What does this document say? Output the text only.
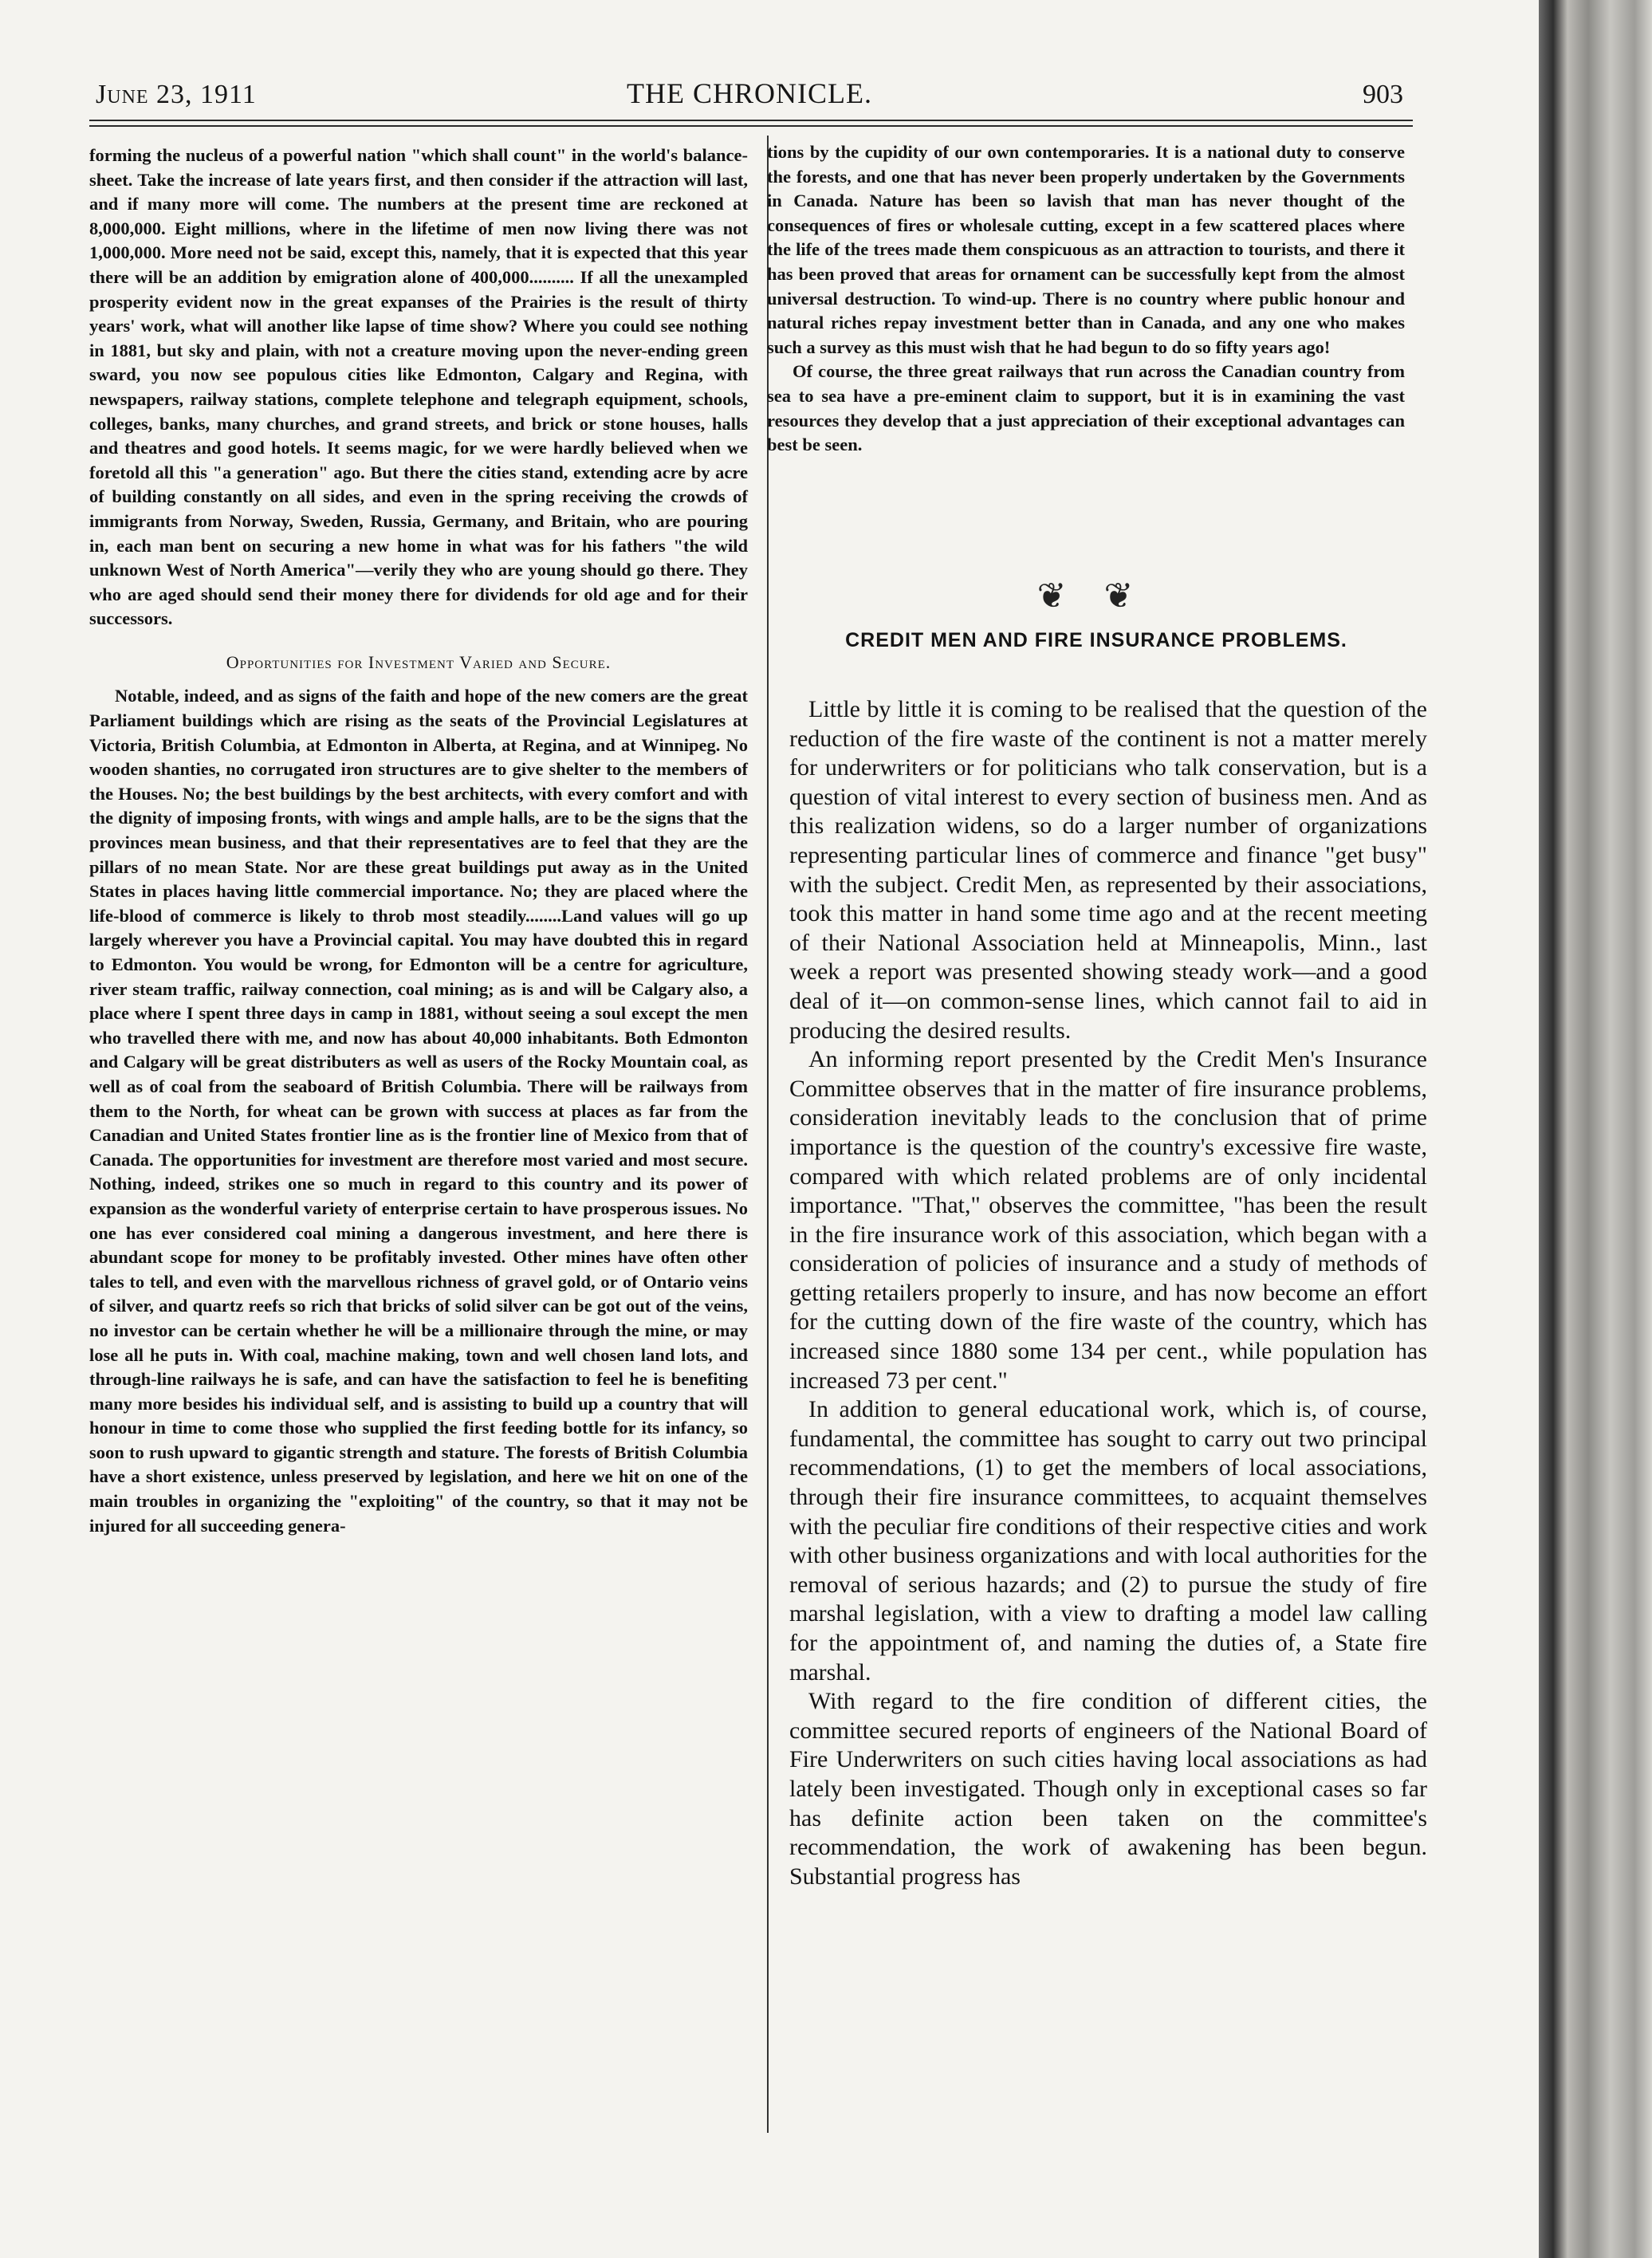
June 23, 1911	THE CHRONICLE.	903

forming the nucleus of a powerful nation "which shall count" in the world's balance-sheet. Take the increase of late years first, and then consider if the attraction will last, and if many more will come. The numbers at the present time are reckoned at 8,000,000. Eight millions, where in the lifetime of men now living there was not 1,000,000. More need not be said, except this, namely, that it is expected that this year there will be an addition by emigration alone of 400,000.......... If all the unexampled prosperity evident now in the great expanses of the Prairies is the result of thirty years' work, what will another like lapse of time show? Where you could see nothing in 1881, but sky and plain, with not a creature moving upon the never-ending green sward, you now see populous cities like Edmonton, Calgary and Regina, with newspapers, railway stations, complete telephone and telegraph equipment, schools, colleges, banks, many churches, and grand streets, and brick or stone houses, halls and theatres and good hotels. It seems magic, for we were hardly believed when we foretold all this "a generation" ago. But there the cities stand, extending acre by acre of building constantly on all sides, and even in the spring receiving the crowds of immigrants from Norway, Sweden, Russia, Germany, and Britain, who are pouring in, each man bent on securing a new home in what was for his fathers "the wild unknown West of North America"—verily they who are young should go there. They who are aged should send their money there for dividends for old age and for their successors.

Opportunities for Investment Varied and Secure.

Notable, indeed, and as signs of the faith and hope of the new comers are the great Parliament buildings which are rising as the seats of the Provincial Legislatures at Victoria, British Columbia, at Edmonton in Alberta, at Regina, and at Winnipeg. No wooden shanties, no corrugated iron structures are to give shelter to the members of the Houses. No; the best buildings by the best architects, with every comfort and with the dignity of imposing fronts, with wings and ample halls, are to be the signs that the provinces mean business, and that their representatives are to feel that they are the pillars of no mean State. Nor are these great buildings put away as in the United States in places having little commercial importance. No; they are placed where the life-blood of commerce is likely to throb most steadily........Land values will go up largely wherever you have a Provincial capital. You may have doubted this in regard to Edmonton. You would be wrong, for Edmonton will be a centre for agriculture, river steam traffic, railway connection, coal mining; as is and will be Calgary also, a place where I spent three days in camp in 1881, without seeing a soul except the men who travelled there with me, and now has about 40,000 inhabitants. Both Edmonton and Calgary will be great distributers as well as users of the Rocky Mountain coal, as well as of coal from the seaboard of British Columbia. There will be railways from them to the North, for wheat can be grown with success at places as far from the Canadian and United States frontier line as is the frontier line of Mexico from that of Canada. The opportunities for investment are therefore most varied and most secure. Nothing, indeed, strikes one so much in regard to this country and its power of expansion as the wonderful variety of enterprise certain to have prosperous issues. No one has ever considered coal mining a dangerous investment, and here there is abundant scope for money to be profitably invested. Other mines have often other tales to tell, and even with the marvellous richness of gravel gold, or of Ontario veins of silver, and quartz reefs so rich that bricks of solid silver can be got out of the veins, no investor can be certain whether he will be a millionaire through the mine, or may lose all he puts in. With coal, machine making, town and well chosen land lots, and through-line railways he is safe, and can have the satisfaction to feel he is benefiting many more besides his individual self, and is assisting to build up a country that will honour in time to come those who supplied the first feeding bottle for its infancy, so soon to rush upward to gigantic strength and stature. The forests of British Columbia have a short existence, unless preserved by legislation, and here we hit on one of the main troubles in organizing the "exploiting" of the country, so that it may not be injured for all succeeding genera-

tions by the cupidity of our own contemporaries. It is a national duty to conserve the forests, and one that has never been properly undertaken by the Governments in Canada. Nature has been so lavish that man has never thought of the consequences of fires or wholesale cutting, except in a few scattered places where the life of the trees made them conspicuous as an attraction to tourists, and there it has been proved that areas for ornament can be successfully kept from the almost universal destruction. To wind-up. There is no country where public honour and natural riches repay investment better than in Canada, and any one who makes such a survey as this must wish that he had begun to do so fifty years ago!

Of course, the three great railways that run across the Canadian country from sea to sea have a pre-eminent claim to support, but it is in examining the vast resources they develop that a just appreciation of their exceptional advantages can best be seen.

❦ ❦
CREDIT MEN AND FIRE INSURANCE PROBLEMS.

Little by little it is coming to be realised that the question of the reduction of the fire waste of the continent is not a matter merely for underwriters or for politicians who talk conservation, but is a question of vital interest to every section of business men. And as this realization widens, so do a larger number of organizations representing particular lines of commerce and finance "get busy" with the subject. Credit Men, as represented by their associations, took this matter in hand some time ago and at the recent meeting of their National Association held at Minneapolis, Minn., last week a report was presented showing steady work—and a good deal of it—on common-sense lines, which cannot fail to aid in producing the desired results.

An informing report presented by the Credit Men's Insurance Committee observes that in the matter of fire insurance problems, consideration inevitably leads to the conclusion that of prime importance is the question of the country's excessive fire waste, compared with which related problems are of only incidental importance. "That," observes the committee, "has been the result in the fire insurance work of this association, which began with a consideration of policies of insurance and a study of methods of getting retailers properly to insure, and has now become an effort for the cutting down of the fire waste of the country, which has increased since 1880 some 134 per cent., while population has increased 73 per cent."

In addition to general educational work, which is, of course, fundamental, the committee has sought to carry out two principal recommendations, (1) to get the members of local associations, through their fire insurance committees, to acquaint themselves with the peculiar fire conditions of their respective cities and work with other business organizations and with local authorities for the removal of serious hazards; and (2) to pursue the study of fire marshal legislation, with a view to drafting a model law calling for the appointment of, and naming the duties of, a State fire marshal.

With regard to the fire condition of different cities, the committee secured reports of engineers of the National Board of Fire Underwriters on such cities having local associations as had lately been investigated. Though only in exceptional cases so far has definite action been taken on the committee's recommendation, the work of awakening has been begun. Substantial progress has
